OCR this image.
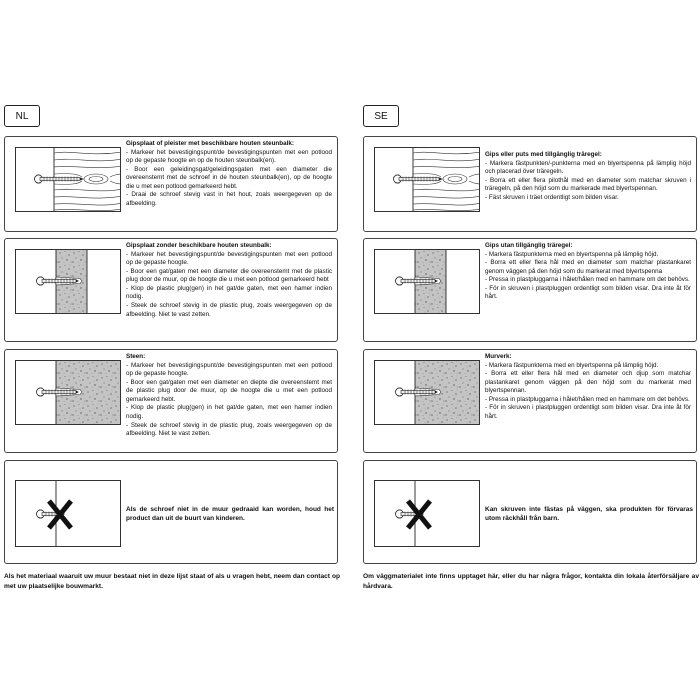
NL
Gipsplaat of pleister met beschikbare houten steunbalk:
- Markeer het bevestigingspunt/de bevestigingspunten met een potlood op de gepaste hoogte en op de houten steunbalk(en).
- Boor een geleidingsgat/geleidingsgaten met een diameter die overeenstemt met de schroef in de houten steunbalk(en), op de hoogte die u met een potlood gemarkeerd hebt.
- Draai de schroef stevig vast in het hout, zoals weergegeven op de afbeelding.
Gipsplaat zonder beschikbare houten steunbalk:
- Markeer het bevestigingspunt/de bevestigingspunten met een potlood op de gepaste hoogte.
- Boor een gat/gaten met een diameter die overeenstemt met de plastic plug door de muur, op de hoogte die u met een potlood gemarkeerd hebt
- Klop de plastic plug(gen) in het gat/de gaten, met een hamer indien nodig.
- Steek de schroef stevig in de plastic plug, zoals weergegeven op de afbeelding. Niet te vast zetten.
Steen:
- Markeer het bevestigingspunt/de bevestigingspunten met een potlood op de gepaste hoogte.
- Boor een gat/gaten met een diameter en diepte die overeenstemt met de plastic plug door de muur, op de hoogte die u met een potlood gemarkeerd hebt.
- Klop de plastic plug(gen) in het gat/de gaten, met een hamer indien nodig.
- Steek de schroef stevig in de plastic plug, zoals weergegeven op de afbeelding. Niet te vast zetten.
Als de schroef niet in de muur gedraaid kan worden, houd het product dan uit de buurt van kinderen.
Als het materiaal waaruit uw muur bestaat niet in deze lijst staat of als u vragen hebt, neem dan contact op met uw plaatselijke bouwmarkt.
SE
Gips eller puts med tillgänglig träregel:
- Markera fästpunkten/-punkterna med en blyertspenna på lämplig höjd och placerad över träregeln.
- Borra ett eller flera pilothål med en diameter som matchar skruven i träregeln, på den höjd som du markerade med blyertspennan.
- Fäst skruven i träet ordentligt som bilden visar.
Gips utan tillgänglig träregel:
- Markera fästpunkterna med en blyertspenna på lämplig höjd.
- Borra ett eller flera hål med en diameter som matchar plastankaret genom väggen på den höjd som du markerat med blyertspenna
- Pressa in plastpluggarna i hålet/hålen med en hammare om det behövs.
- För in skruven i plastpluggen ordentligt som bilden visar. Dra inte åt för hårt.
Murverk:
- Markera fästpunkterna med en blyertspenna på lämplig höjd.
- Borra ett eller flera hål med en diameter och djup som matchar plastankaret genom väggen på den höjd som du markerat med blyertspennan.
- Pressa in plastpluggarna i hålet/hålen med en hammare om det behövs.
- För in skruven i plastpluggen ordentligt som bilden visar. Dra inte åt för hårt.
Kan skruven inte fästas på väggen, ska produkten för förvaras utom räckhåll från barn.
Om väggmaterialet inte finns upptaget här, eller du har några frågor, kontakta din lokala återförsäljare av hårdvara.
